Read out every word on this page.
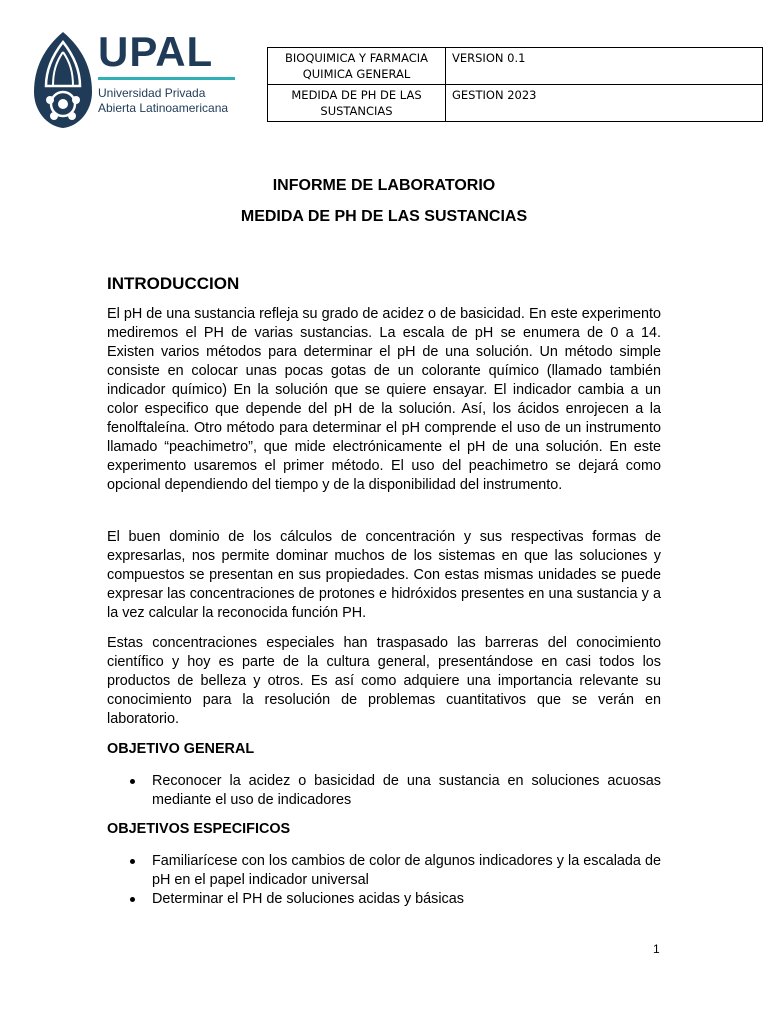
UPAL
Universidad Privada
Abierta Latinoamericana
BIOQUIMICA Y FARMACIA QUIMICA GENERAL	VERSION 0.1
MEDIDA DE PH DE LAS SUSTANCIAS	GESTION 2023
INFORME DE LABORATORIO
MEDIDA DE PH DE LAS SUSTANCIAS
INTRODUCCION

El pH de una sustancia refleja su grado de acidez o de basicidad. En este experimento mediremos el PH de varias sustancias. La escala de pH se enumera de 0 a 14. Existen varios métodos para determinar el pH de una solución. Un método simple consiste en colocar unas pocas gotas de un colorante químico (llamado también indicador químico) En la solución que se quiere ensayar. El indicador cambia a un color especifico que depende del pH de la solución. Así, los ácidos enrojecen a la fenolftaleína. Otro método para determinar el pH comprende el uso de un instrumento llamado “peachimetro”, que mide electrónicamente el pH de una solución. En este experimento usaremos el primer método. El uso del peachimetro se dejará como opcional dependiendo del tiempo y de la disponibilidad del instrumento.

El buen dominio de los cálculos de concentración y sus respectivas formas de expresarlas, nos permite dominar muchos de los sistemas en que las soluciones y compuestos se presentan en sus propiedades. Con estas mismas unidades se puede expresar las concentraciones de protones e hidróxidos presentes en una sustancia y a la vez calcular la reconocida función PH.

Estas concentraciones especiales han traspasado las barreras del conocimiento científico y hoy es parte de la cultura general, presentándose en casi todos los productos de belleza y otros. Es así como adquiere una importancia relevante su conocimiento para la resolución de problemas cuantitativos que se verán en laboratorio.

OBJETIVO GENERAL
Reconocer la acidez o basicidad de una sustancia en soluciones acuosas mediante el uso de indicadores
OBJETIVOS ESPECIFICOS
Familiarícese con los cambios de color de algunos indicadores y la escalada de pH en el papel indicador universal
Determinar el PH de soluciones acidas y básicas
1
